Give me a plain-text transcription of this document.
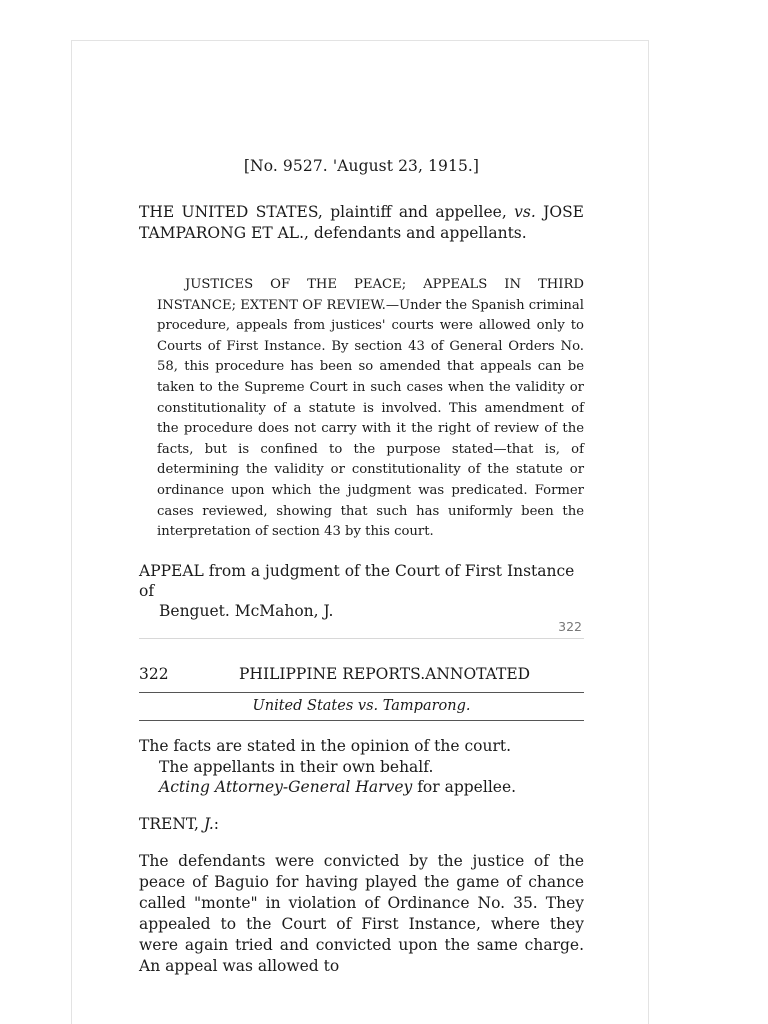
[No. 9527. 'August 23, 1915.]
THE UNITED STATES, plaintiff and appellee, vs. JOSE TAMPARONG ET AL., defendants and appellants.
JUSTICES OF THE PEACE; APPEALS IN THIRD INSTANCE; EXTENT OF REVIEW.—Under the Spanish criminal procedure, appeals from justices' courts were allowed only to Courts of First Instance. By section 43 of General Orders No. 58, this procedure has been so amended that appeals can be taken to the Supreme Court in such cases when the validity or constitutionality of a statute is involved. This amendment of the procedure does not carry with it the right of review of the facts, but is confined to the purpose stated—that is, of determining the validity or constitutionality of the statute or ordinance upon which the judgment was predicated. Former cases reviewed, showing that such has uniformly been the interpretation of section 43 by this court.
APPEAL from a judgment of the Court of First Instance of
Benguet. McMahon, J.
322
322	PHILIPPINE REPORTS.ANNOTATED
United States vs. Tamparong.
The facts are stated in the opinion of the court.
The appellants in their own behalf.
Acting Attorney-General Harvey for appellee.
TRENT, J.:
The defendants were convicted by the justice of the peace of Baguio for having played the game of chance called "monte" in violation of Ordinance No. 35. They appealed to the Court of First Instance, where they were again tried and convicted upon the same charge. An appeal was allowed to
